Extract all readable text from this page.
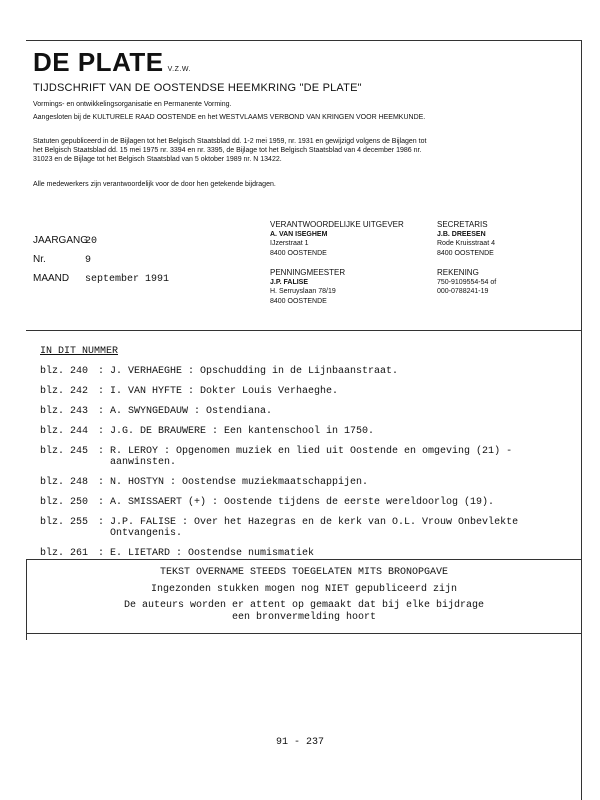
DE PLATE V.Z.W.
TIJDSCHRIFT VAN DE OOSTENDSE HEEMKRING "DE PLATE"
Vormings- en ontwikkelingsorganisatie en Permanente Vorming.
Aangesloten bij de KULTURELE RAAD OOSTENDE en het WESTVLAAMS VERBOND VAN KRINGEN VOOR HEEMKUNDE.
Statuten gepubliceerd in de Bijlagen tot het Belgisch Staatsblad dd. 1-2 mei 1959, nr. 1931 en gewijzigd volgens de Bijlagen tot
het Belgisch Staatsblad dd. 15 mei 1975 nr. 3394 en nr. 3395, de Bijlage tot het Belgisch Staatsblad van 4 december 1986 nr.
31023 en de Bijlage tot het Belgisch Staatsblad van 5 oktober 1989 nr. N 13422.
Alle medewerkers zijn verantwoordelijk voor de door hen getekende bijdragen.
JAARGANG20
Nr.	9
MAAND september 1991
VERANTWOORDELIJKE UITGEVER
A. VAN ISEGHEM
IJzerstraat 1
8400 OOSTENDE
SECRETARIS
J.B. DREESEN
Rode Kruisstraat 4
8400 OOSTENDE
PENNINGMEESTER
J.P. FALISE
H. Serruyslaan 78/19
8400 OOSTENDE
REKENING
750-9109554-54 of
000-0788241-19
IN DIT NUMMER
blz. 240 : J. VERHAEGHE : Opschudding in de Lijnbaanstraat.
blz. 242 : I. VAN HYFTE : Dokter Louis Verhaeghe.
blz. 243 : A. SWYNGEDAUW : Ostendiana.
blz. 244 : J.G. DE BRAUWERE : Een kantenschool in 1750.
blz. 245 : R. LEROY : Opgenomen muziek en lied uit Oostende en omgeving (21) - aanwinsten.
blz. 248 : N. HOSTYN : Oostendse muziekmaatschappijen.
blz. 250 : A. SMISSAERT (+) : Oostende tijdens de eerste wereldoorlog (19).
blz. 255 : J.P. FALISE : Over het Hazegras en de kerk van O.L. Vrouw Onbevlekte Ontvangenis.
blz. 261 : E. LIETARD : Oostendse numismatiek
TEKST OVERNAME STEEDS TOEGELATEN MITS BRONOPGAVE
Ingezonden stukken mogen nog NIET gepubliceerd zijn
De auteurs worden er attent op gemaakt dat bij elke bijdrage
een bronvermelding hoort
91 - 237
